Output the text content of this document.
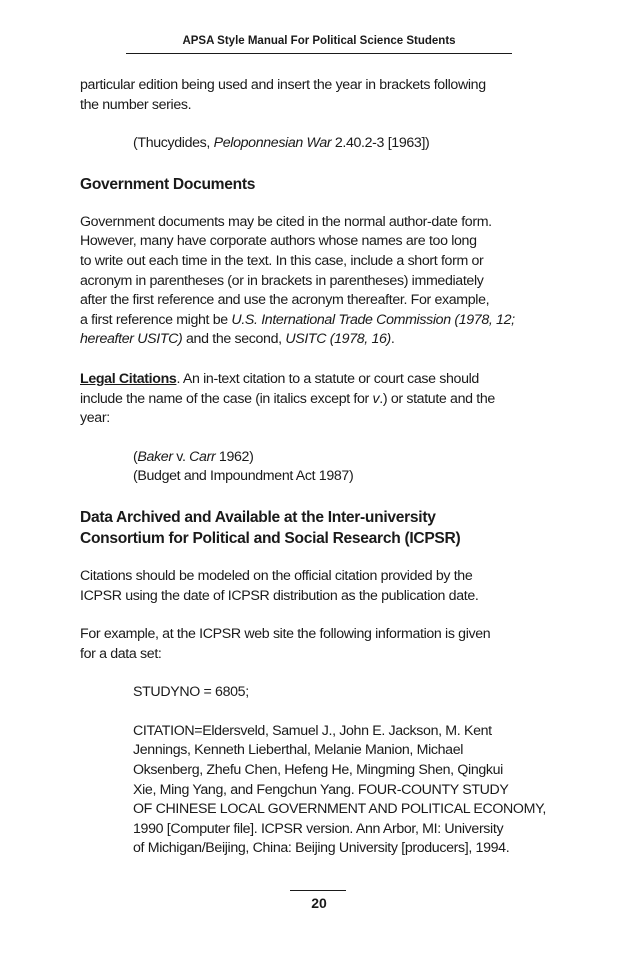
APSA Style Manual For Political Science Students

particular edition being used and insert the year in brackets following

the number series.

(Thucydides, Peloponnesian War 2.40.2-3 [1963])

Government Documents

Government documents may be cited in the normal author-date form.

However, many have corporate authors whose names are too long

to write out each time in the text. In this case, include a short form or

acronym in parentheses (or in brackets in parentheses) immediately

after the first reference and use the acronym thereafter. For example,

a first reference might be U.S. International Trade Commission (1978, 12;

hereafter USITC) and the second, USITC (1978, 16).

Legal Citations. An in-text citation to a statute or court case should

include the name of the case (in italics except for v.) or statute and the

year:

(Baker v. Carr 1962)

(Budget and Impoundment Act 1987)

Data Archived and Available at the Inter-university

Consortium for Political and Social Research (ICPSR)

Citations should be modeled on the official citation provided by the

ICPSR using the date of ICPSR distribution as the publication date.

For example, at the ICPSR web site the following information is given

for a data set:

STUDYNO = 6805;

CITATION=Eldersveld, Samuel J., John E. Jackson, M. Kent

Jennings, Kenneth Lieberthal, Melanie Manion, Michael

Oksenberg, Zhefu Chen, Hefeng He, Mingming Shen, Qingkui

Xie, Ming Yang, and Fengchun Yang. FOUR-COUNTY STUDY

OF CHINESE LOCAL GOVERNMENT AND POLITICAL ECONOMY,

1990 [Computer file]. ICPSR version. Ann Arbor, MI: University

of Michigan/Beijing, China: Beijing University [producers], 1994.

20
